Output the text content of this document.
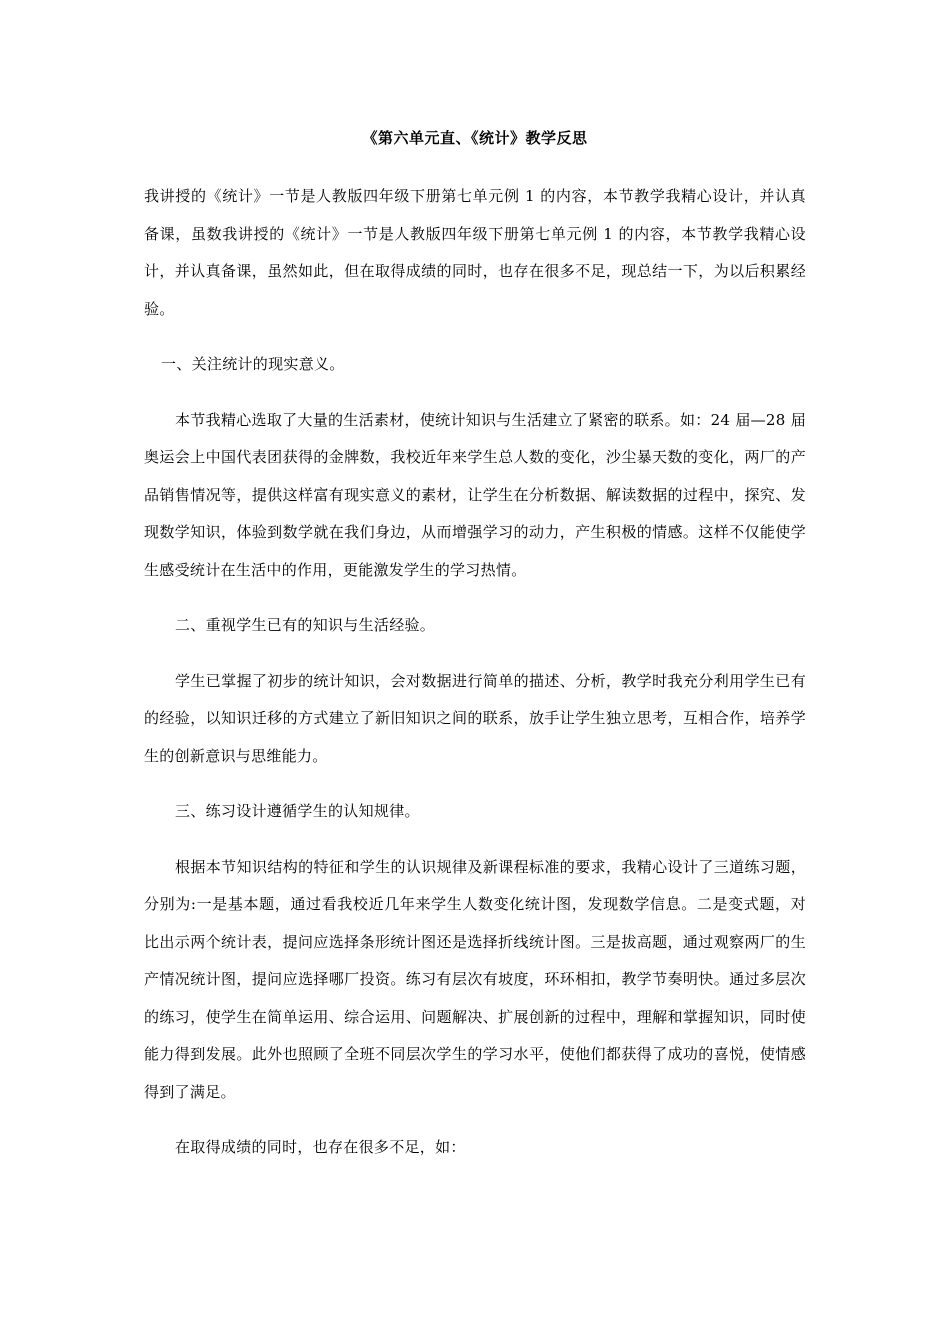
《第六单元直、《统计》教学反思

我讲授的《统计》一节是人教版四年级下册第七单元例 1 的内容，本节教学我精心设计，并认真备课，虽数我讲授的《统计》一节是人教版四年级下册第七单元例 1 的内容，本节教学我精心设计，并认真备课，虽然如此，但在取得成绩的同时，也存在很多不足，现总结一下，为以后积累经验。

一、关注统计的现实意义。

本节我精心选取了大量的生活素材，使统计知识与生活建立了紧密的联系。如：24 届—28 届奥运会上中国代表团获得的金牌数，我校近年来学生总人数的变化，沙尘暴天数的变化，两厂的产品销售情况等，提供这样富有现实意义的素材，让学生在分析数据、解读数据的过程中，探究、发现数学知识，体验到数学就在我们身边，从而增强学习的动力，产生积极的情感。这样不仅能使学生感受统计在生活中的作用，更能激发学生的学习热情。

二、重视学生已有的知识与生活经验。

学生已掌握了初步的统计知识，会对数据进行简单的描述、分析，教学时我充分利用学生已有的经验，以知识迁移的方式建立了新旧知识之间的联系，放手让学生独立思考，互相合作，培养学生的创新意识与思维能力。

三、练习设计遵循学生的认知规律。

根据本节知识结构的特征和学生的认识规律及新课程标准的要求，我精心设计了三道练习题，分别为:一是基本题，通过看我校近几年来学生人数变化统计图，发现数学信息。二是变式题，对比出示两个统计表，提问应选择条形统计图还是选择折线统计图。三是拔高题，通过观察两厂的生产情况统计图，提问应选择哪厂投资。练习有层次有坡度，环环相扣，教学节奏明快。通过多层次的练习，使学生在简单运用、综合运用、问题解决、扩展创新的过程中，理解和掌握知识，同时使能力得到发展。此外也照顾了全班不同层次学生的学习水平，使他们都获得了成功的喜悦，使情感得到了满足。

在取得成绩的同时，也存在很多不足，如：
